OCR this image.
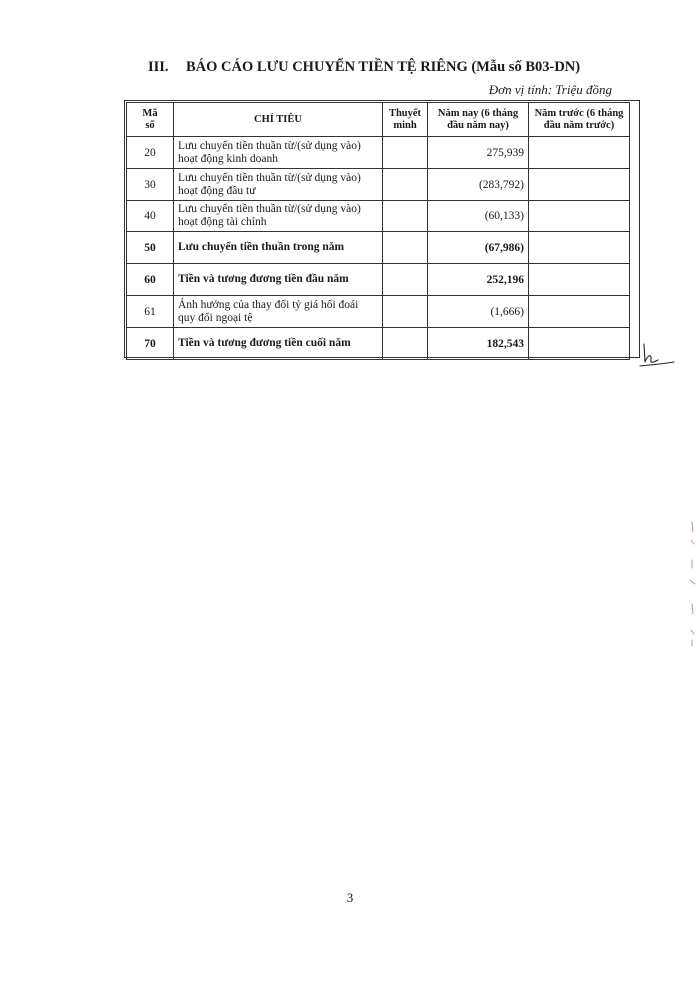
III. BÁO CÁO LƯU CHUYỂN TIỀN TỆ RIÊNG (Mẫu số B03-DN)
Đơn vị tính: Triệu đồng
Mã
số	CHỈ TIÊU	Thuyết
minh	Năm nay (6 tháng
đầu năm nay)	Năm trước (6 tháng
đầu năm trước)
20	Lưu chuyển tiền thuần từ/(sử dụng vào)
hoạt động kinh doanh		275,939	
30	Lưu chuyển tiền thuần từ/(sử dụng vào)
hoạt động đầu tư		(283,792)	
40	Lưu chuyển tiền thuần từ/(sử dụng vào)
hoạt động tài chính		(60,133)	
50	Lưu chuyển tiền thuần trong năm		(67,986)	
60	Tiền và tương đương tiền đầu năm		252,196	
61	Ảnh hưởng của thay đổi tỷ giá hối đoái
quy đổi ngoại tệ		(1,666)	
70	Tiền và tương đương tiền cuối năm		182,543	
3
